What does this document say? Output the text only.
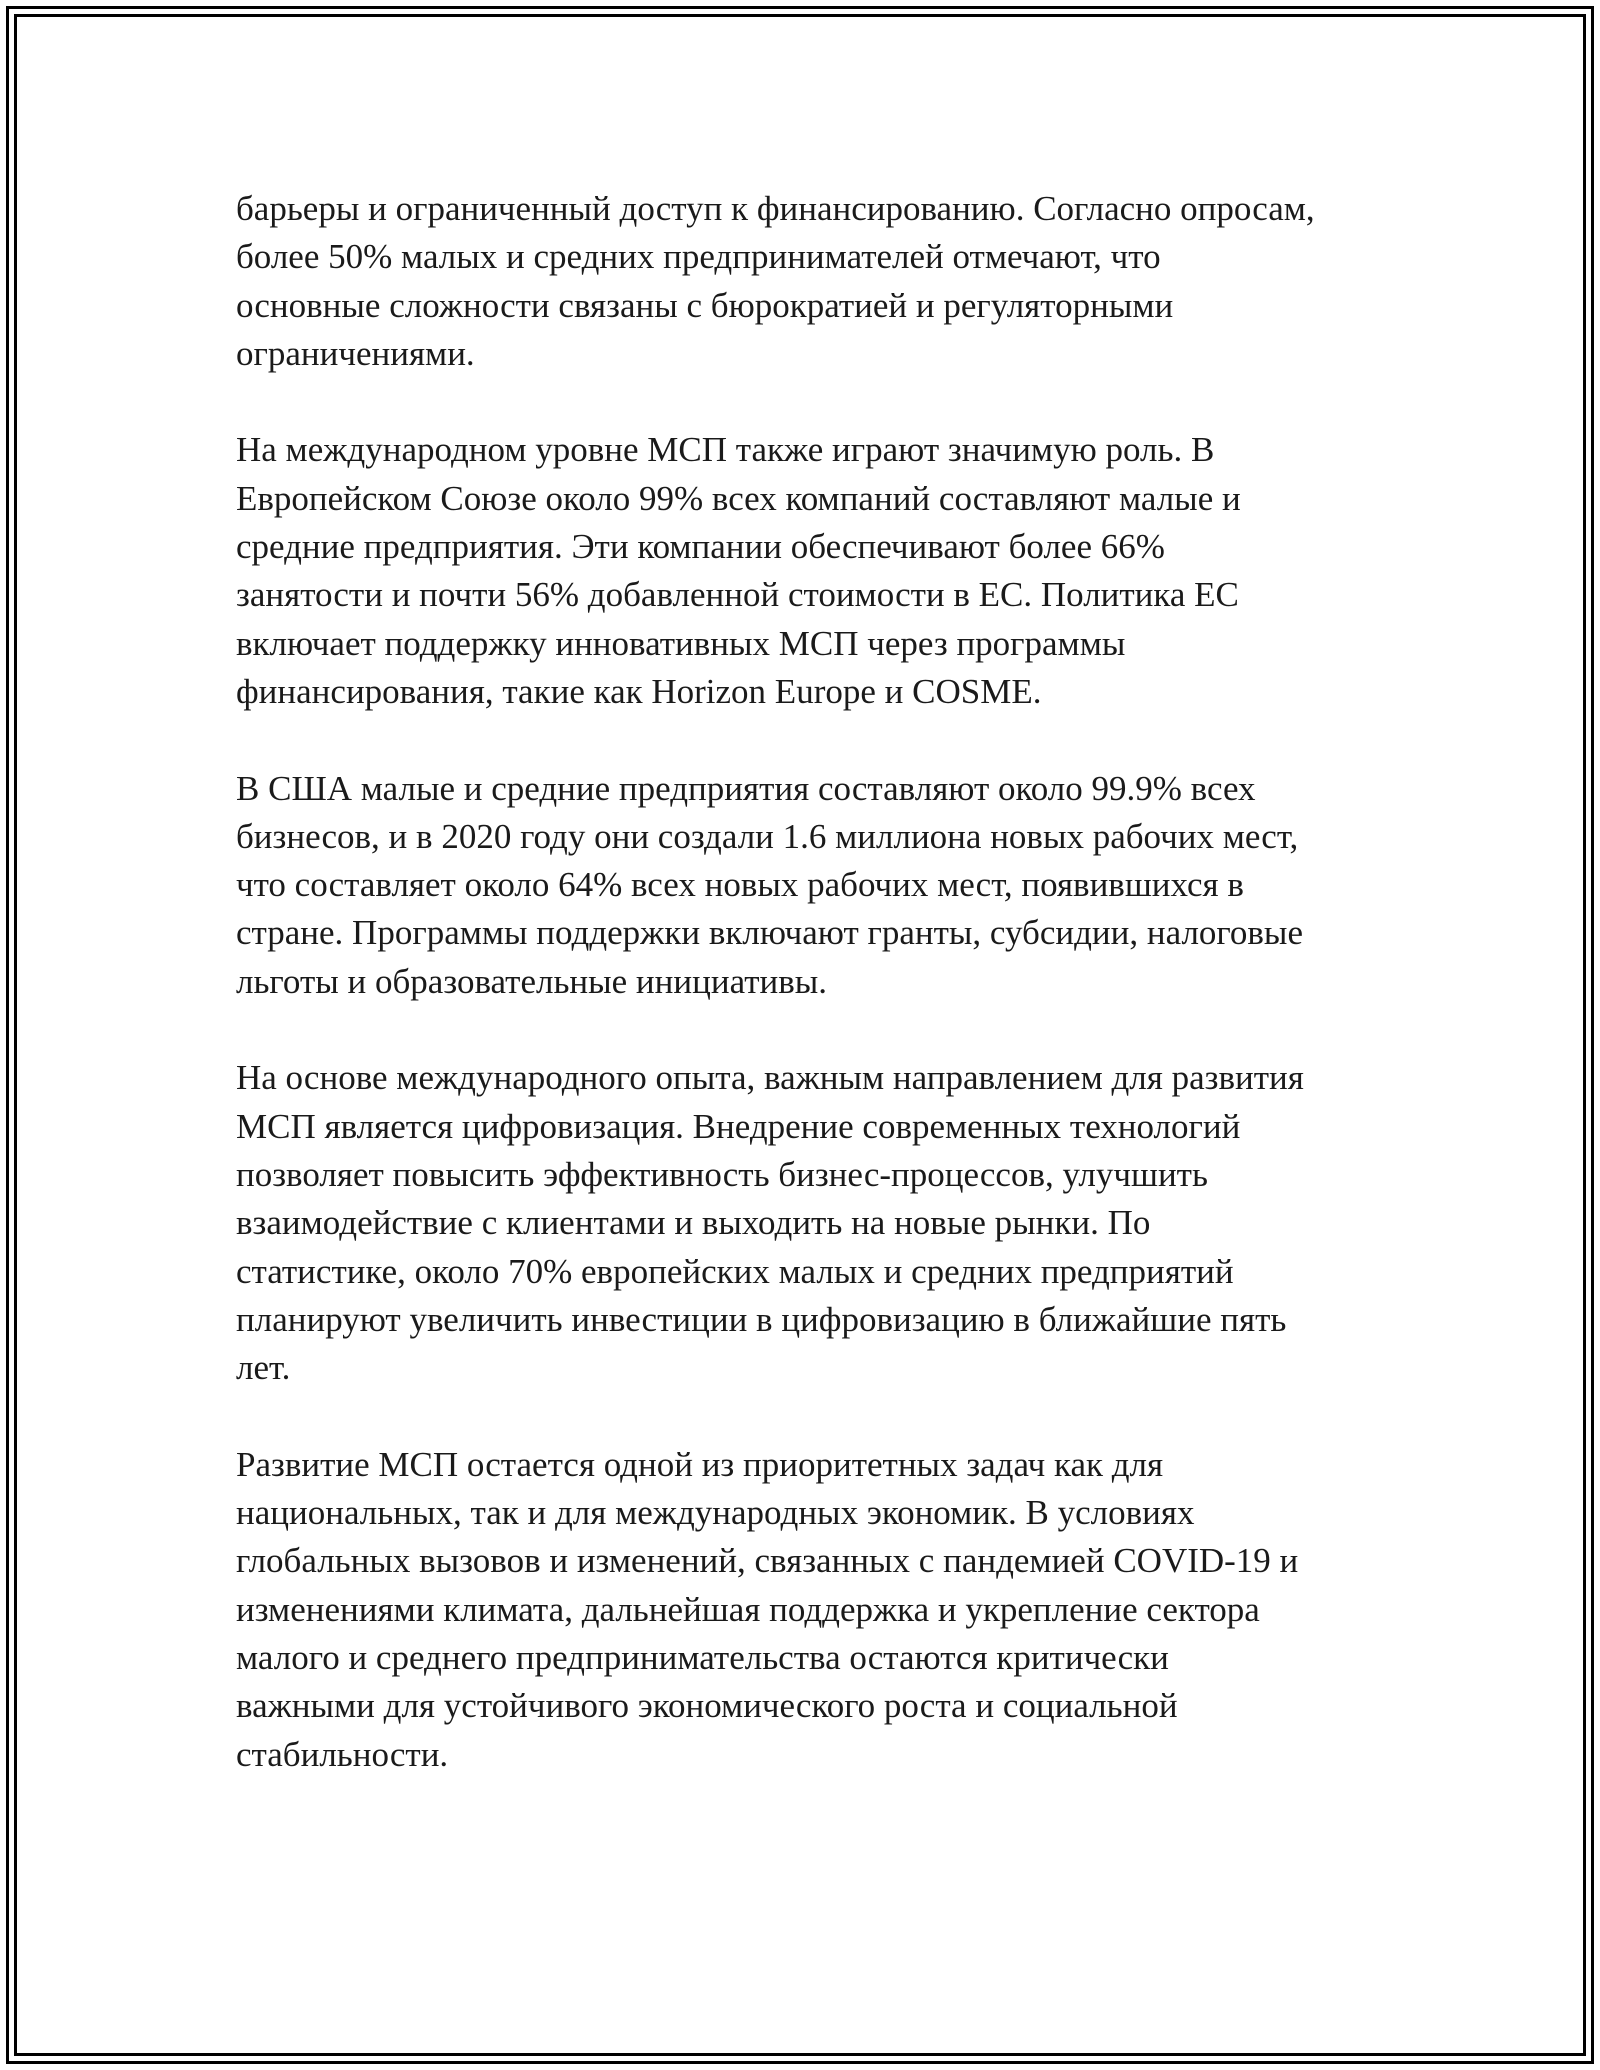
барьеры и ограниченный доступ к финансированию. Согласно опросам,
более 50% малых и средних предпринимателей отмечают, что
основные сложности связаны с бюрократией и регуляторными
ограничениями.

На международном уровне МСП также играют значимую роль. В
Европейском Союзе около 99% всех компаний составляют малые и
средние предприятия. Эти компании обеспечивают более 66%
занятости и почти 56% добавленной стоимости в ЕС. Политика ЕС
включает поддержку инновативных МСП через программы
финансирования, такие как Horizon Europe и COSME.

В США малые и средние предприятия составляют около 99.9% всех
бизнесов, и в 2020 году они создали 1.6 миллиона новых рабочих мест,
что составляет около 64% всех новых рабочих мест, появившихся в
стране. Программы поддержки включают гранты, субсидии, налоговые
льготы и образовательные инициативы.

На основе международного опыта, важным направлением для развития
МСП является цифровизация. Внедрение современных технологий
позволяет повысить эффективность бизнес-процессов, улучшить
взаимодействие с клиентами и выходить на новые рынки. По
статистике, около 70% европейских малых и средних предприятий
планируют увеличить инвестиции в цифровизацию в ближайшие пять
лет.

Развитие МСП остается одной из приоритетных задач как для
национальных, так и для международных экономик. В условиях
глобальных вызовов и изменений, связанных с пандемией COVID-19 и
изменениями климата, дальнейшая поддержка и укрепление сектора
малого и среднего предпринимательства остаются критически
важными для устойчивого экономического роста и социальной
стабильности.
